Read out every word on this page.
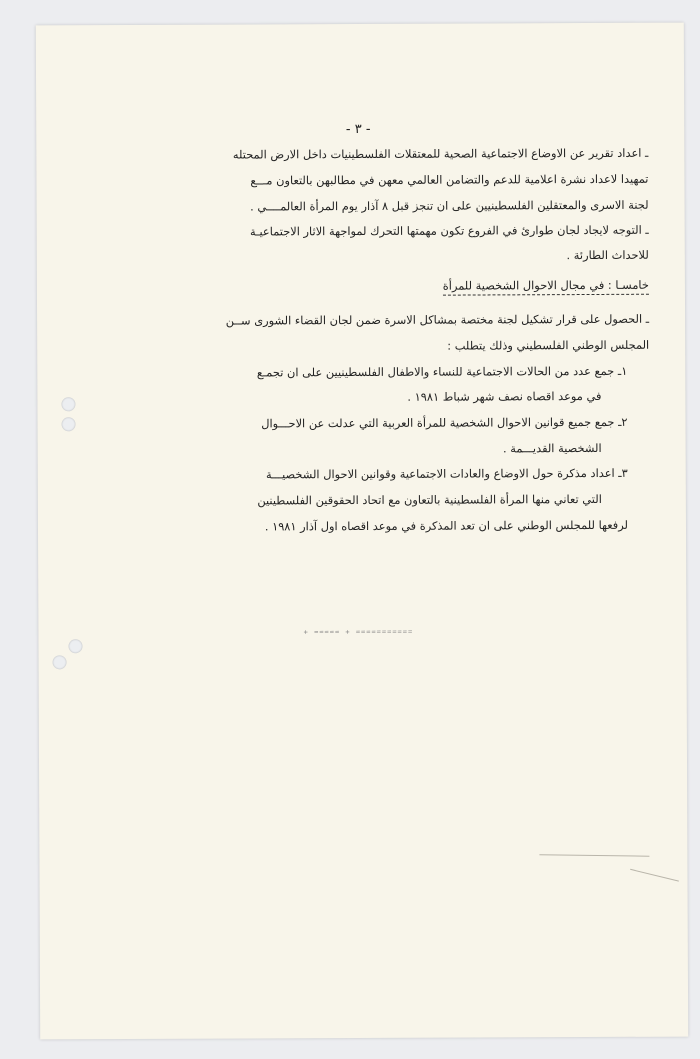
- ٣ -
ـ اعداد تقرير عن الاوضاع الاجتماعية الصحية للمعتقلات الفلسطينيات داخل الارض المحتله
تمهيدا لاعداد نشرة اعلامية للدعم والتضامن العالمي معهن في مطالبهن بالتعاون مـــع
لجنة الاسرى والمعتقلين الفلسطينيين على ان تنجز قبل ٨ آذار يوم المرأة العالمــــي .
ـ التوجه لايجاد لجان طوارئ في الفروع تكون مهمتها التحرك لمواجهة الاثار الاجتماعيـة
للاحداث الطارئة .
خامسـا : في مجال الاحوال الشخصية للمرأة
ـ الحصول على قرار تشكيل لجنة مختصة بمشاكل الاسرة ضمن لجان القضاء الشورى ســن
المجلس الوطني الفلسطيني وذلك يتطلب :
١ـ جمع عدد من الحالات الاجتماعية للنساء والاطفال الفلسطينيين على ان تجمـع
في موعد اقصاه نصف شهر شباط ١٩٨١ .
٢ـ جمع جميع قوانين الاحوال الشخصية للمرأة العربية التي عدلت عن الاحـــوال
الشخصية القديـــمة .
٣ـ اعداد مذكرة حول الاوضاع والعادات الاجتماعية وقوانين الاحوال الشخصيـــة
التي تعاني منها المرأة الفلسطينية بالتعاون مع اتحاد الحقوقين الفلسطينين
لرفعها للمجلس الوطني على ان تعد المذكرة في موعد اقصاه اول آذار ١٩٨١ .
+ ===== + ===========
